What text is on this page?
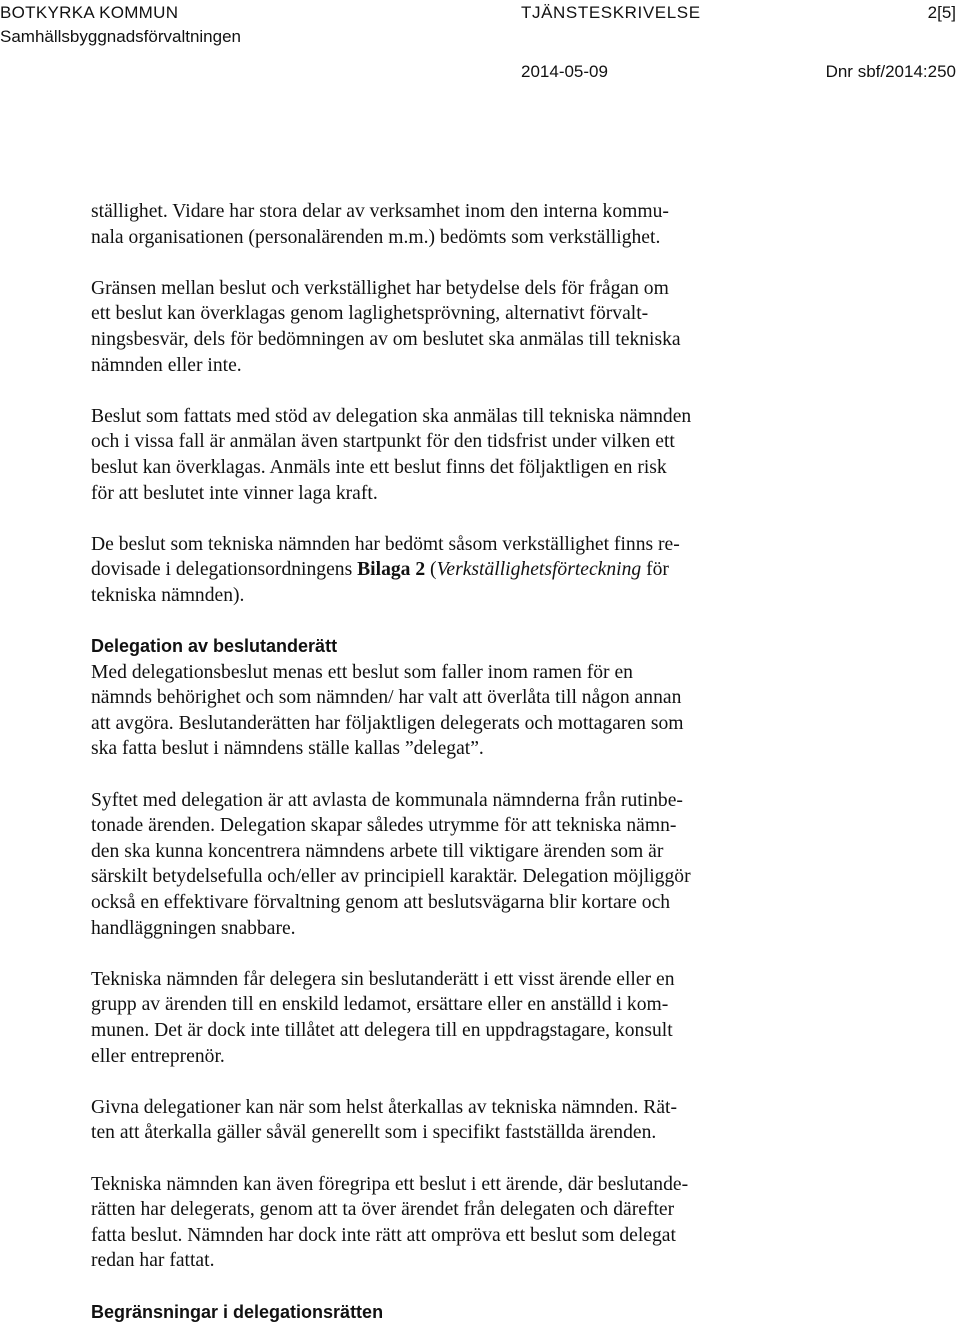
BOTKYRKA KOMMUN
Samhällsbyggnadsförvaltningen
TJÄNSTESKRIVELSE	2[5]
2014-05-09	Dnr sbf/2014:250

ställighet. Vidare har stora delar av verksamhet inom den interna kommu-
nala organisationen (personalärenden m.m.) bedömts som verkställighet.

Gränsen mellan beslut och verkställighet har betydelse dels för frågan om
ett beslut kan överklagas genom laglighetsprövning, alternativt förvalt-
ningsbesvär, dels för bedömningen av om beslutet ska anmälas till tekniska
nämnden eller inte.

Beslut som fattats med stöd av delegation ska anmälas till tekniska nämnden
och i vissa fall är anmälan även startpunkt för den tidsfrist under vilken ett
beslut kan överklagas. Anmäls inte ett beslut finns det följaktligen en risk
för att beslutet inte vinner laga kraft.

De beslut som tekniska nämnden har bedömt såsom verkställighet finns re-
dovisade i delegationsordningens Bilaga 2 (Verkställighetsförteckning för
tekniska nämnden).

Delegation av beslutanderätt

Med delegationsbeslut menas ett beslut som faller inom ramen för en
nämnds behörighet och som nämnden/ har valt att överlåta till någon annan
att avgöra. Beslutanderätten har följaktligen delegerats och mottagaren som
ska fatta beslut i nämndens ställe kallas ”delegat”.

Syftet med delegation är att avlasta de kommunala nämnderna från rutinbe-
tonade ärenden. Delegation skapar således utrymme för att tekniska nämn-
den ska kunna koncentrera nämndens arbete till viktigare ärenden som är
särskilt betydelsefulla och/eller av principiell karaktär. Delegation möjliggör
också en effektivare förvaltning genom att beslutsvägarna blir kortare och
handläggningen snabbare.

Tekniska nämnden får delegera sin beslutanderätt i ett visst ärende eller en
grupp av ärenden till en enskild ledamot, ersättare eller en anställd i kom-
munen. Det är dock inte tillåtet att delegera till en uppdragstagare, konsult
eller entreprenör.

Givna delegationer kan när som helst återkallas av tekniska nämnden. Rät-
ten att återkalla gäller såväl generellt som i specifikt fastställda ärenden.

Tekniska nämnden kan även föregripa ett beslut i ett ärende, där beslutande-
rätten har delegerats, genom att ta över ärendet från delegaten och därefter
fatta beslut. Nämnden har dock inte rätt att ompröva ett beslut som delegat
redan har fattat.

Begränsningar i delegationsrätten
